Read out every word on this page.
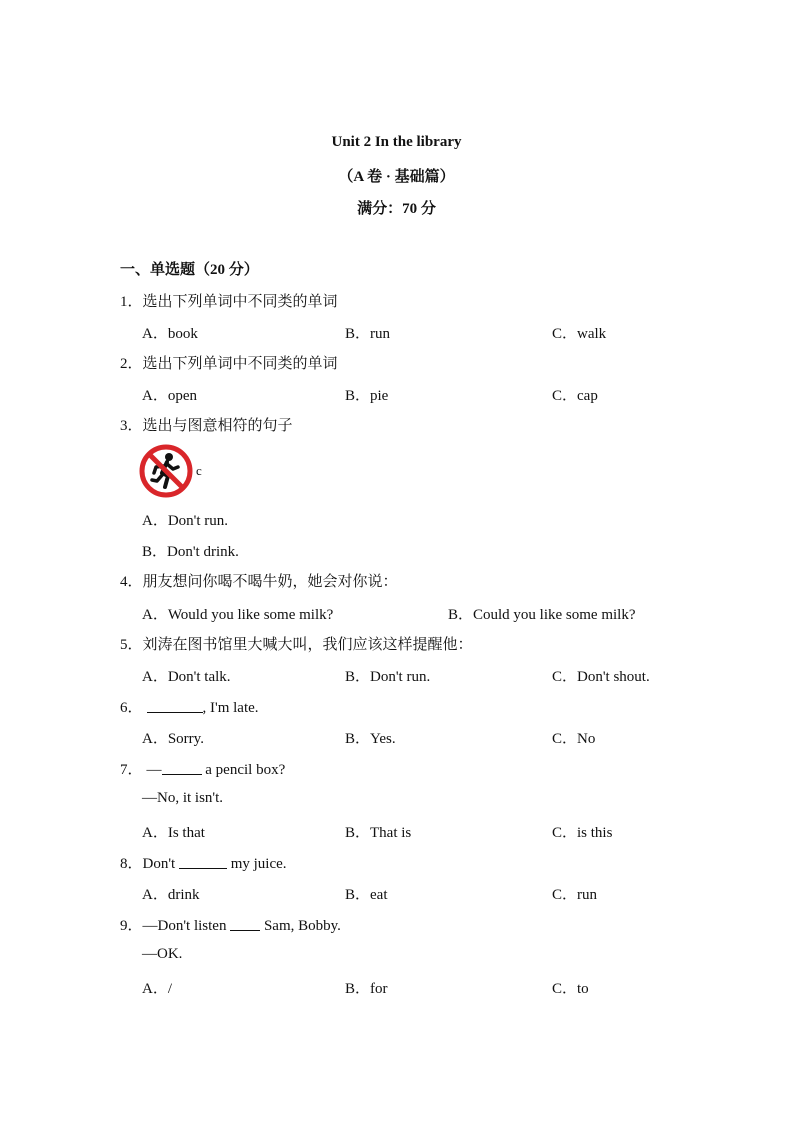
Unit 2 In the library
（A 卷 · 基础篇）
满分：70 分
一、单选题（20 分）
1．选出下列单词中不同类的单词
A．book	B．run	C．walk
2．选出下列单词中不同类的单词
A．open	B．pie	C．cap
3．选出与图意相符的句子
c
A．Don't run.
B．Don't drink.
4．朋友想问你喝不喝牛奶，她会对你说：
A．Would you like some milk?	B．Could you like some milk?
5．刘涛在图书馆里大喊大叫，我们应该这样提醒他：
A．Don't talk.	B．Don't run.	C．Don't shout.
6．	, I'm late.
A．Sorry.	B．Yes.	C．No
7． —	a pencil box?
—No, it isn't.
A．Is that	B．That is	C．is this
8．Don't	my juice.
A．drink	B．eat	C．run
9．—Don't listen  Sam, Bobby.
—OK.
A．/	B．for	C．to
